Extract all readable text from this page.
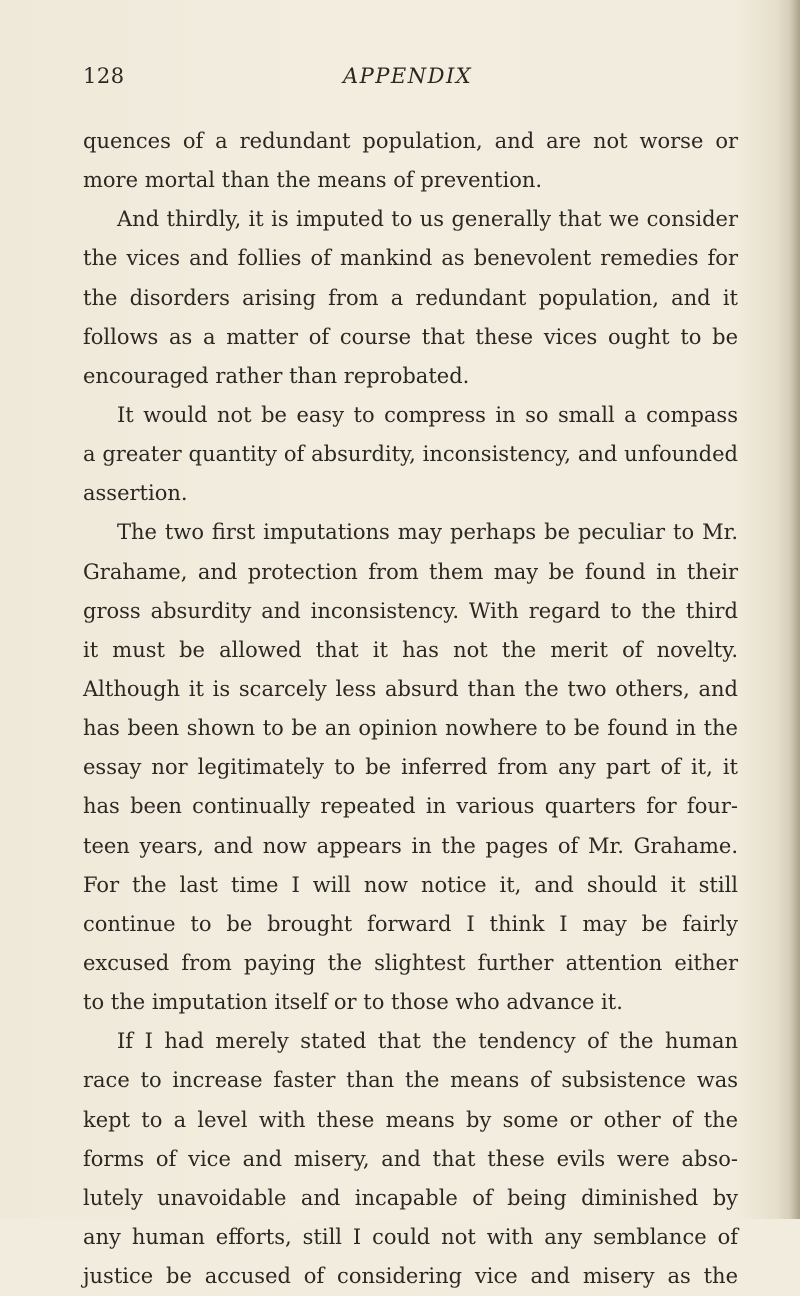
128	APPENDIX
quences of a redundant population, and are not worse or
more mortal than the means of prevention.
And thirdly, it is imputed to us generally that we consider
the vices and follies of mankind as benevolent remedies for
the disorders arising from a redundant population, and it
follows as a matter of course that these vices ought to be
encouraged rather than reprobated.
It would not be easy to compress in so small a compass
a greater quantity of absurdity, inconsistency, and unfounded
assertion.
The two first imputations may perhaps be peculiar to Mr.
Grahame, and protection from them may be found in their
gross absurdity and inconsistency. With regard to the third
it must be allowed that it has not the merit of novelty.
Although it is scarcely less absurd than the two others, and
has been shown to be an opinion nowhere to be found in the
essay nor legitimately to be inferred from any part of it, it
has been continually repeated in various quarters for four-
teen years, and now appears in the pages of Mr. Grahame.
For the last time I will now notice it, and should it still
continue to be brought forward I think I may be fairly
excused from paying the slightest further attention either
to the imputation itself or to those who advance it.
If I had merely stated that the tendency of the human
race to increase faster than the means of subsistence was
kept to a level with these means by some or other of the
forms of vice and misery, and that these evils were abso-
lutely unavoidable and incapable of being diminished by
any human efforts, still I could not with any semblance of
justice be accused of considering vice and misery as the
